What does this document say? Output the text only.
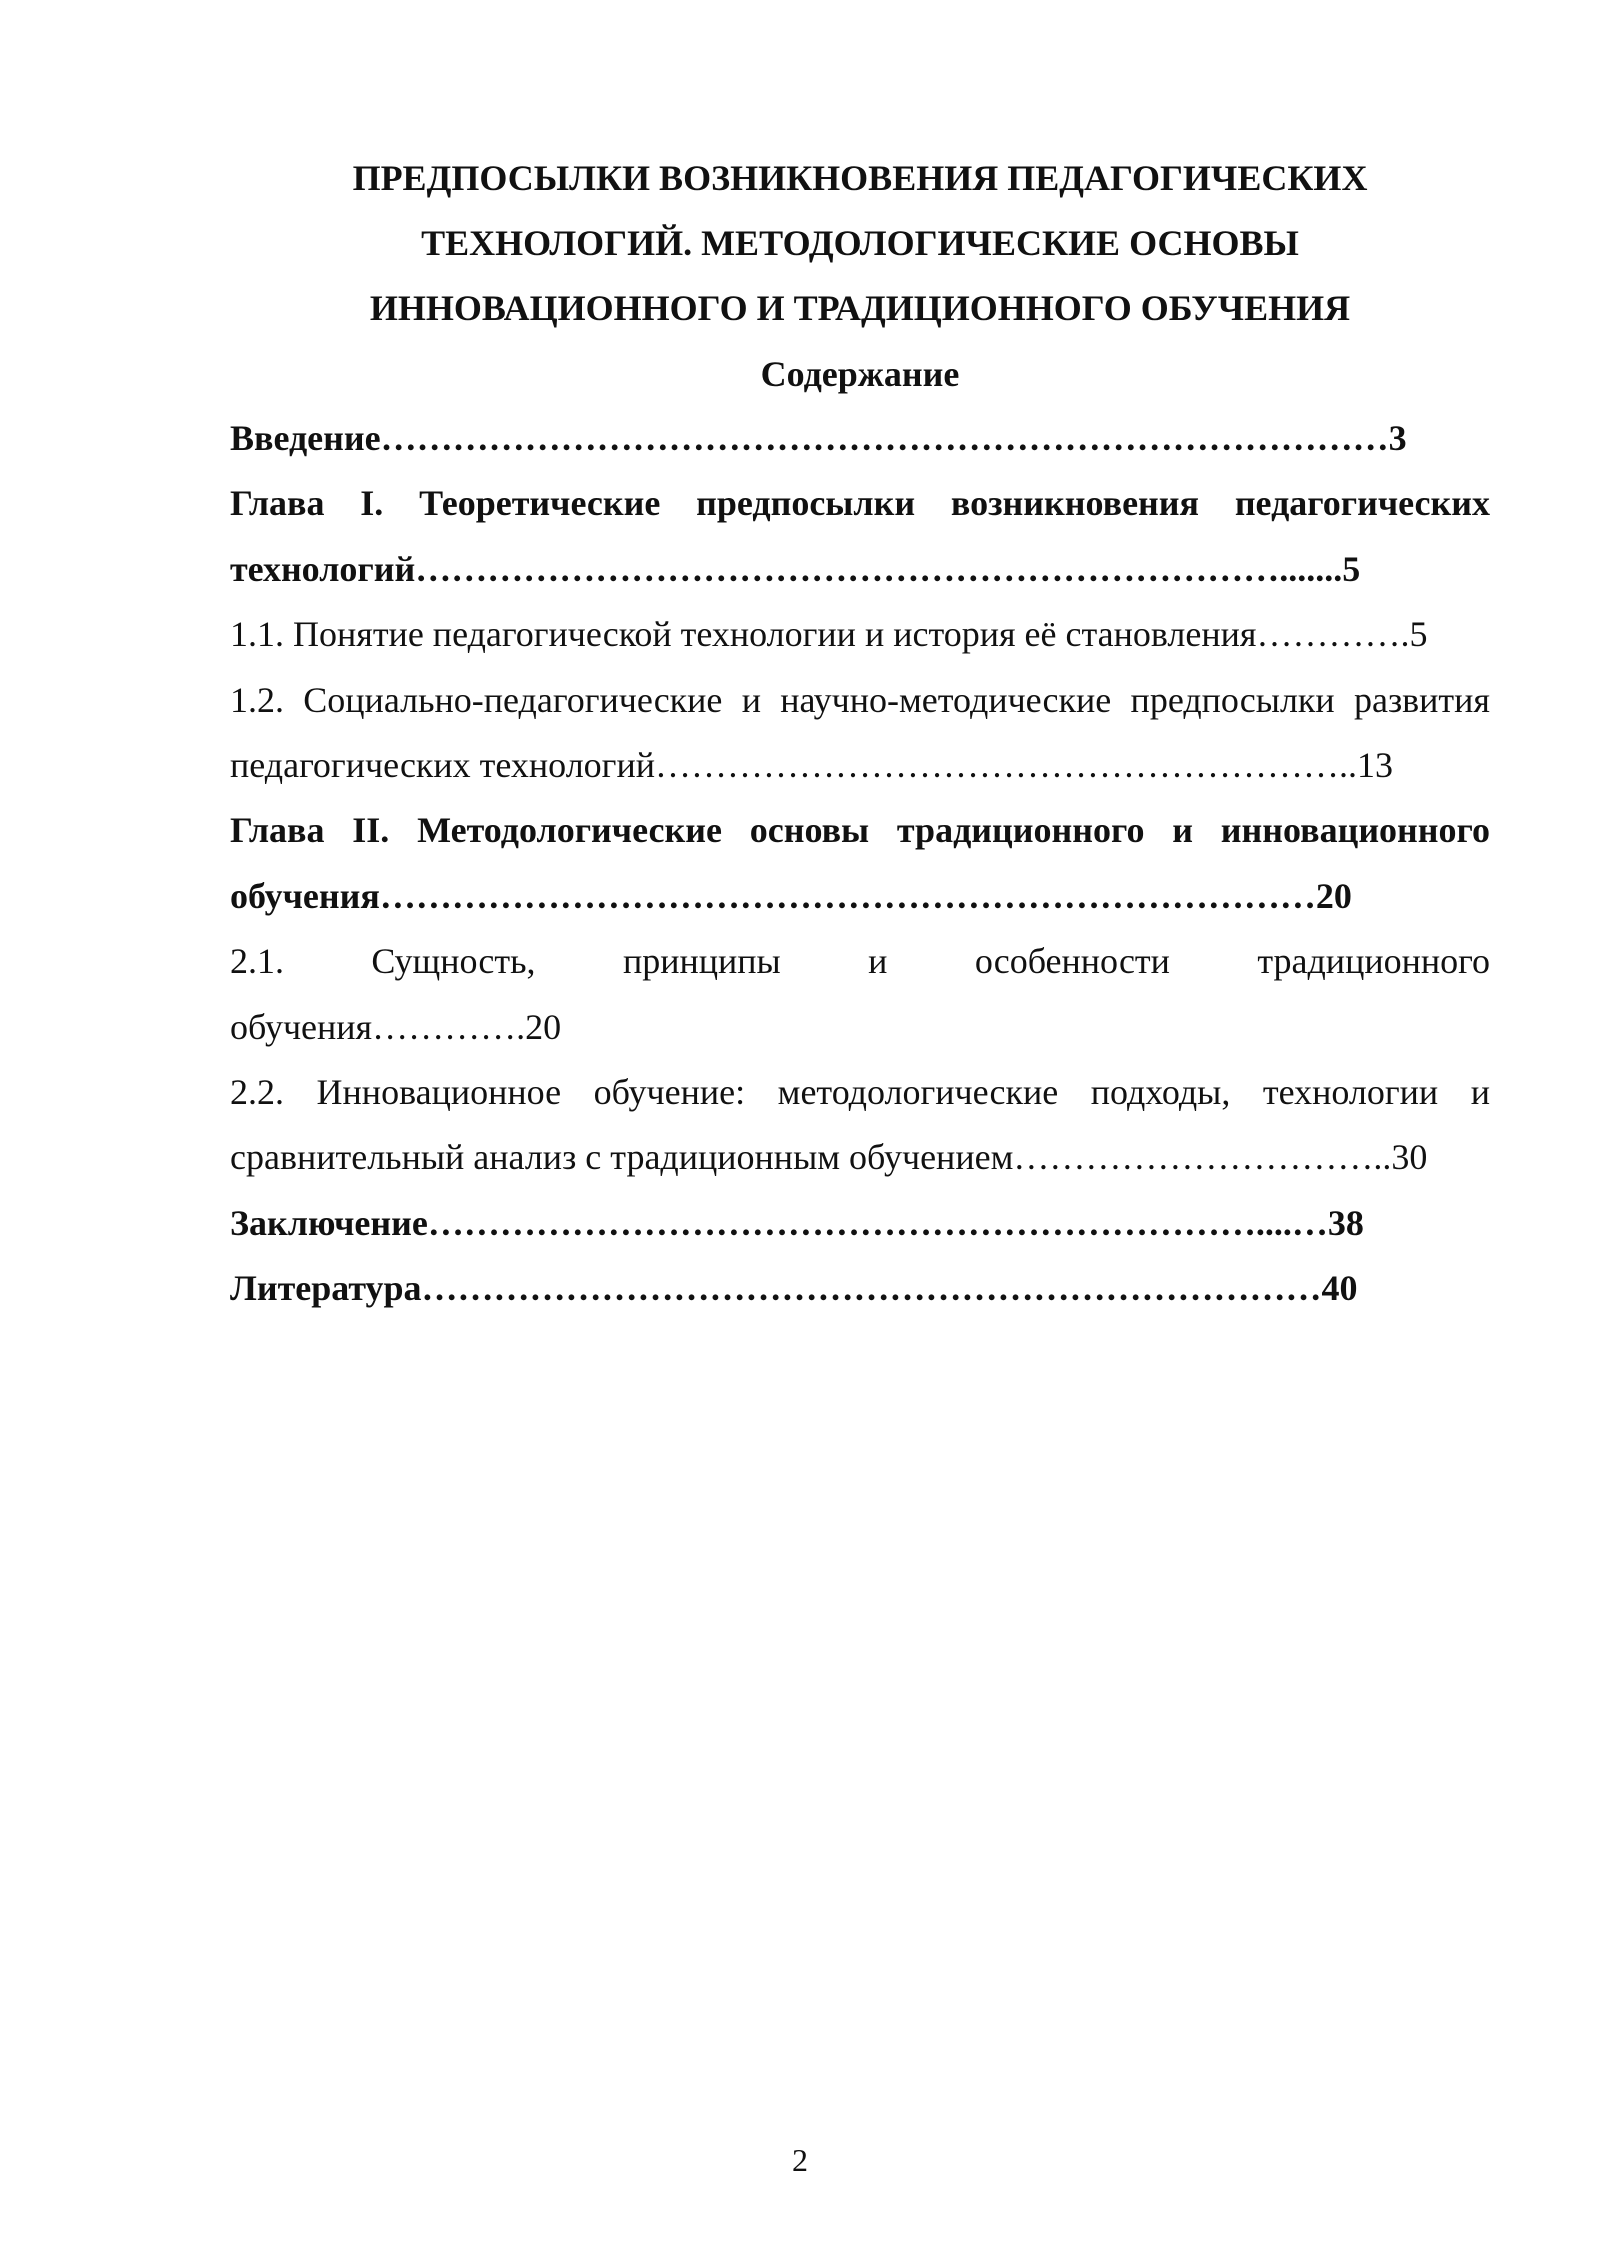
ПРЕДПОСЫЛКИ ВОЗНИКНОВЕНИЯ ПЕДАГОГИЧЕСКИХ
ТЕХНОЛОГИЙ. МЕТОДОЛОГИЧЕСКИЕ ОСНОВЫ
ИННОВАЦИОННОГО И ТРАДИЦИОННОГО ОБУЧЕНИЯ
Содержание
Введение…………………………………………………………………………3
Глава I. Теоретические предпосылки возникновения педагогических
технологий……………………………………………………………….......5
1.1. Понятие педагогической технологии и история её становления………….5
1.2. Социально-педагогические и научно-методические предпосылки развития
педагогических технологий…………………………………………………..13
Глава II. Методологические основы традиционного и инновационного
обучения……………………………………………………………………20
2.1. Сущность, принципы и особенности традиционного
обучения………….20
2.2. Инновационное обучение: методологические подходы, технологии и
сравнительный анализ с традиционным обучением…………………………..30
Заключение……………………………………………………………....…38
Литература…………………………………………………………………40
2
